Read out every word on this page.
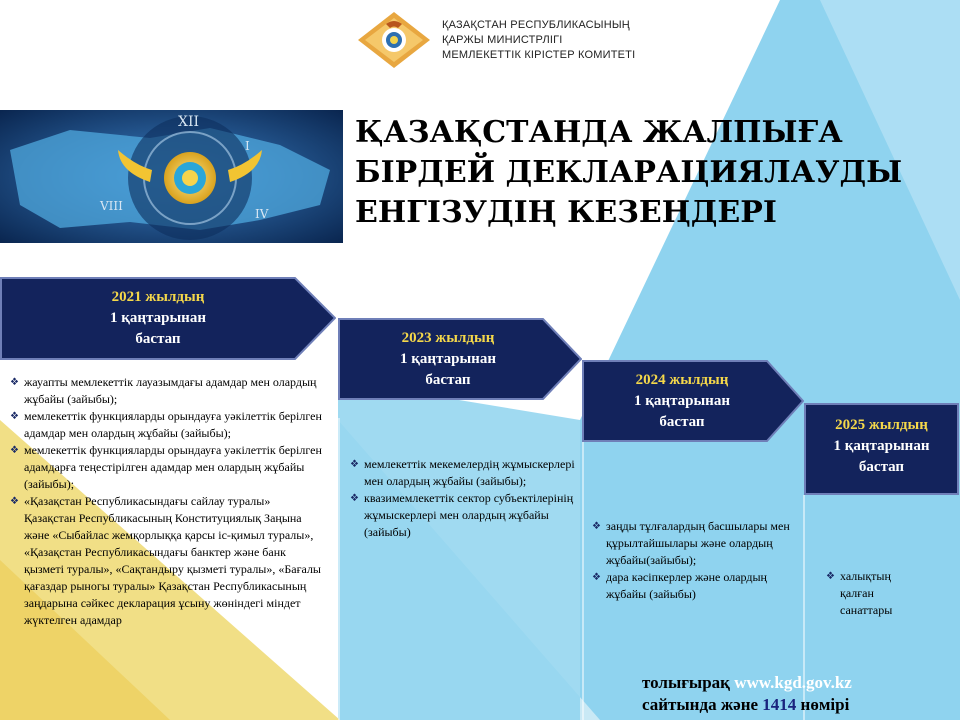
ҚАЗАҚСТАН РЕСПУБЛИКАСЫНЫҢ
ҚАРЖЫ МИНИСТРЛІГІ
МЕМЛЕКЕТТІК КІРІСТЕР КОМИТЕТІ
XII
I
VIII
IV
ҚАЗАҚСТАНДА ЖАЛПЫҒА
БІРДЕЙ ДЕКЛАРАЦИЯЛАУДЫ
ЕНГІЗУДІҢ КЕЗЕҢДЕРІ
2021 жылдың
1 қаңтарынан
бастап	2023 жылдың
1 қаңтарынан
бастап	2024 жылдың
1 қаңтарынан
бастап	2025 жылдың
1 қаңтарынан
бастап
❖ жауапты мемлекеттік лауазымдағы адамдар мен олардың жұбайы (зайыбы);
❖ мемлекеттік функцияларды орындауға уәкілеттік берілген адамдар мен олардың жұбайы (зайыбы);
❖ мемлекеттік функцияларды орындауға уәкілеттік берілген адамдарға теңестірілген адамдар мен олардың жұбайы (зайыбы);
❖ «Қазақстан Республикасындағы сайлау туралы» Қазақстан Республикасының Конституциялық Заңына және «Сыбайлас жемқорлыққа қарсы іс-қимыл туралы», «Қазақстан Республикасындағы банктер және банк қызметі туралы», «Сақтандыру қызметі туралы», «Бағалы қағаздар рыногы туралы» Қазақстан Республикасының заңдарына сәйкес декларация ұсыну жөніндегі міндет жүктелген адамдар
❖ мемлекеттік мекемелердің жұмыскерлері мен олардың жұбайы (зайыбы);
❖ квазимемлекеттік сектор субъектілерінің жұмыскерлері мен олардың жұбайы (зайыбы)
❖	заңды тұлғалардың басшылары мен құрылтайшылары және олардың жұбайы(зайыбы);
❖ дара кәсіпкерлер және олардың жұбайы (зайыбы)
❖ халықтың қалған санаттары
толығырақ www.kgd.gov.kz
сайтында және 1414 нөмірі
